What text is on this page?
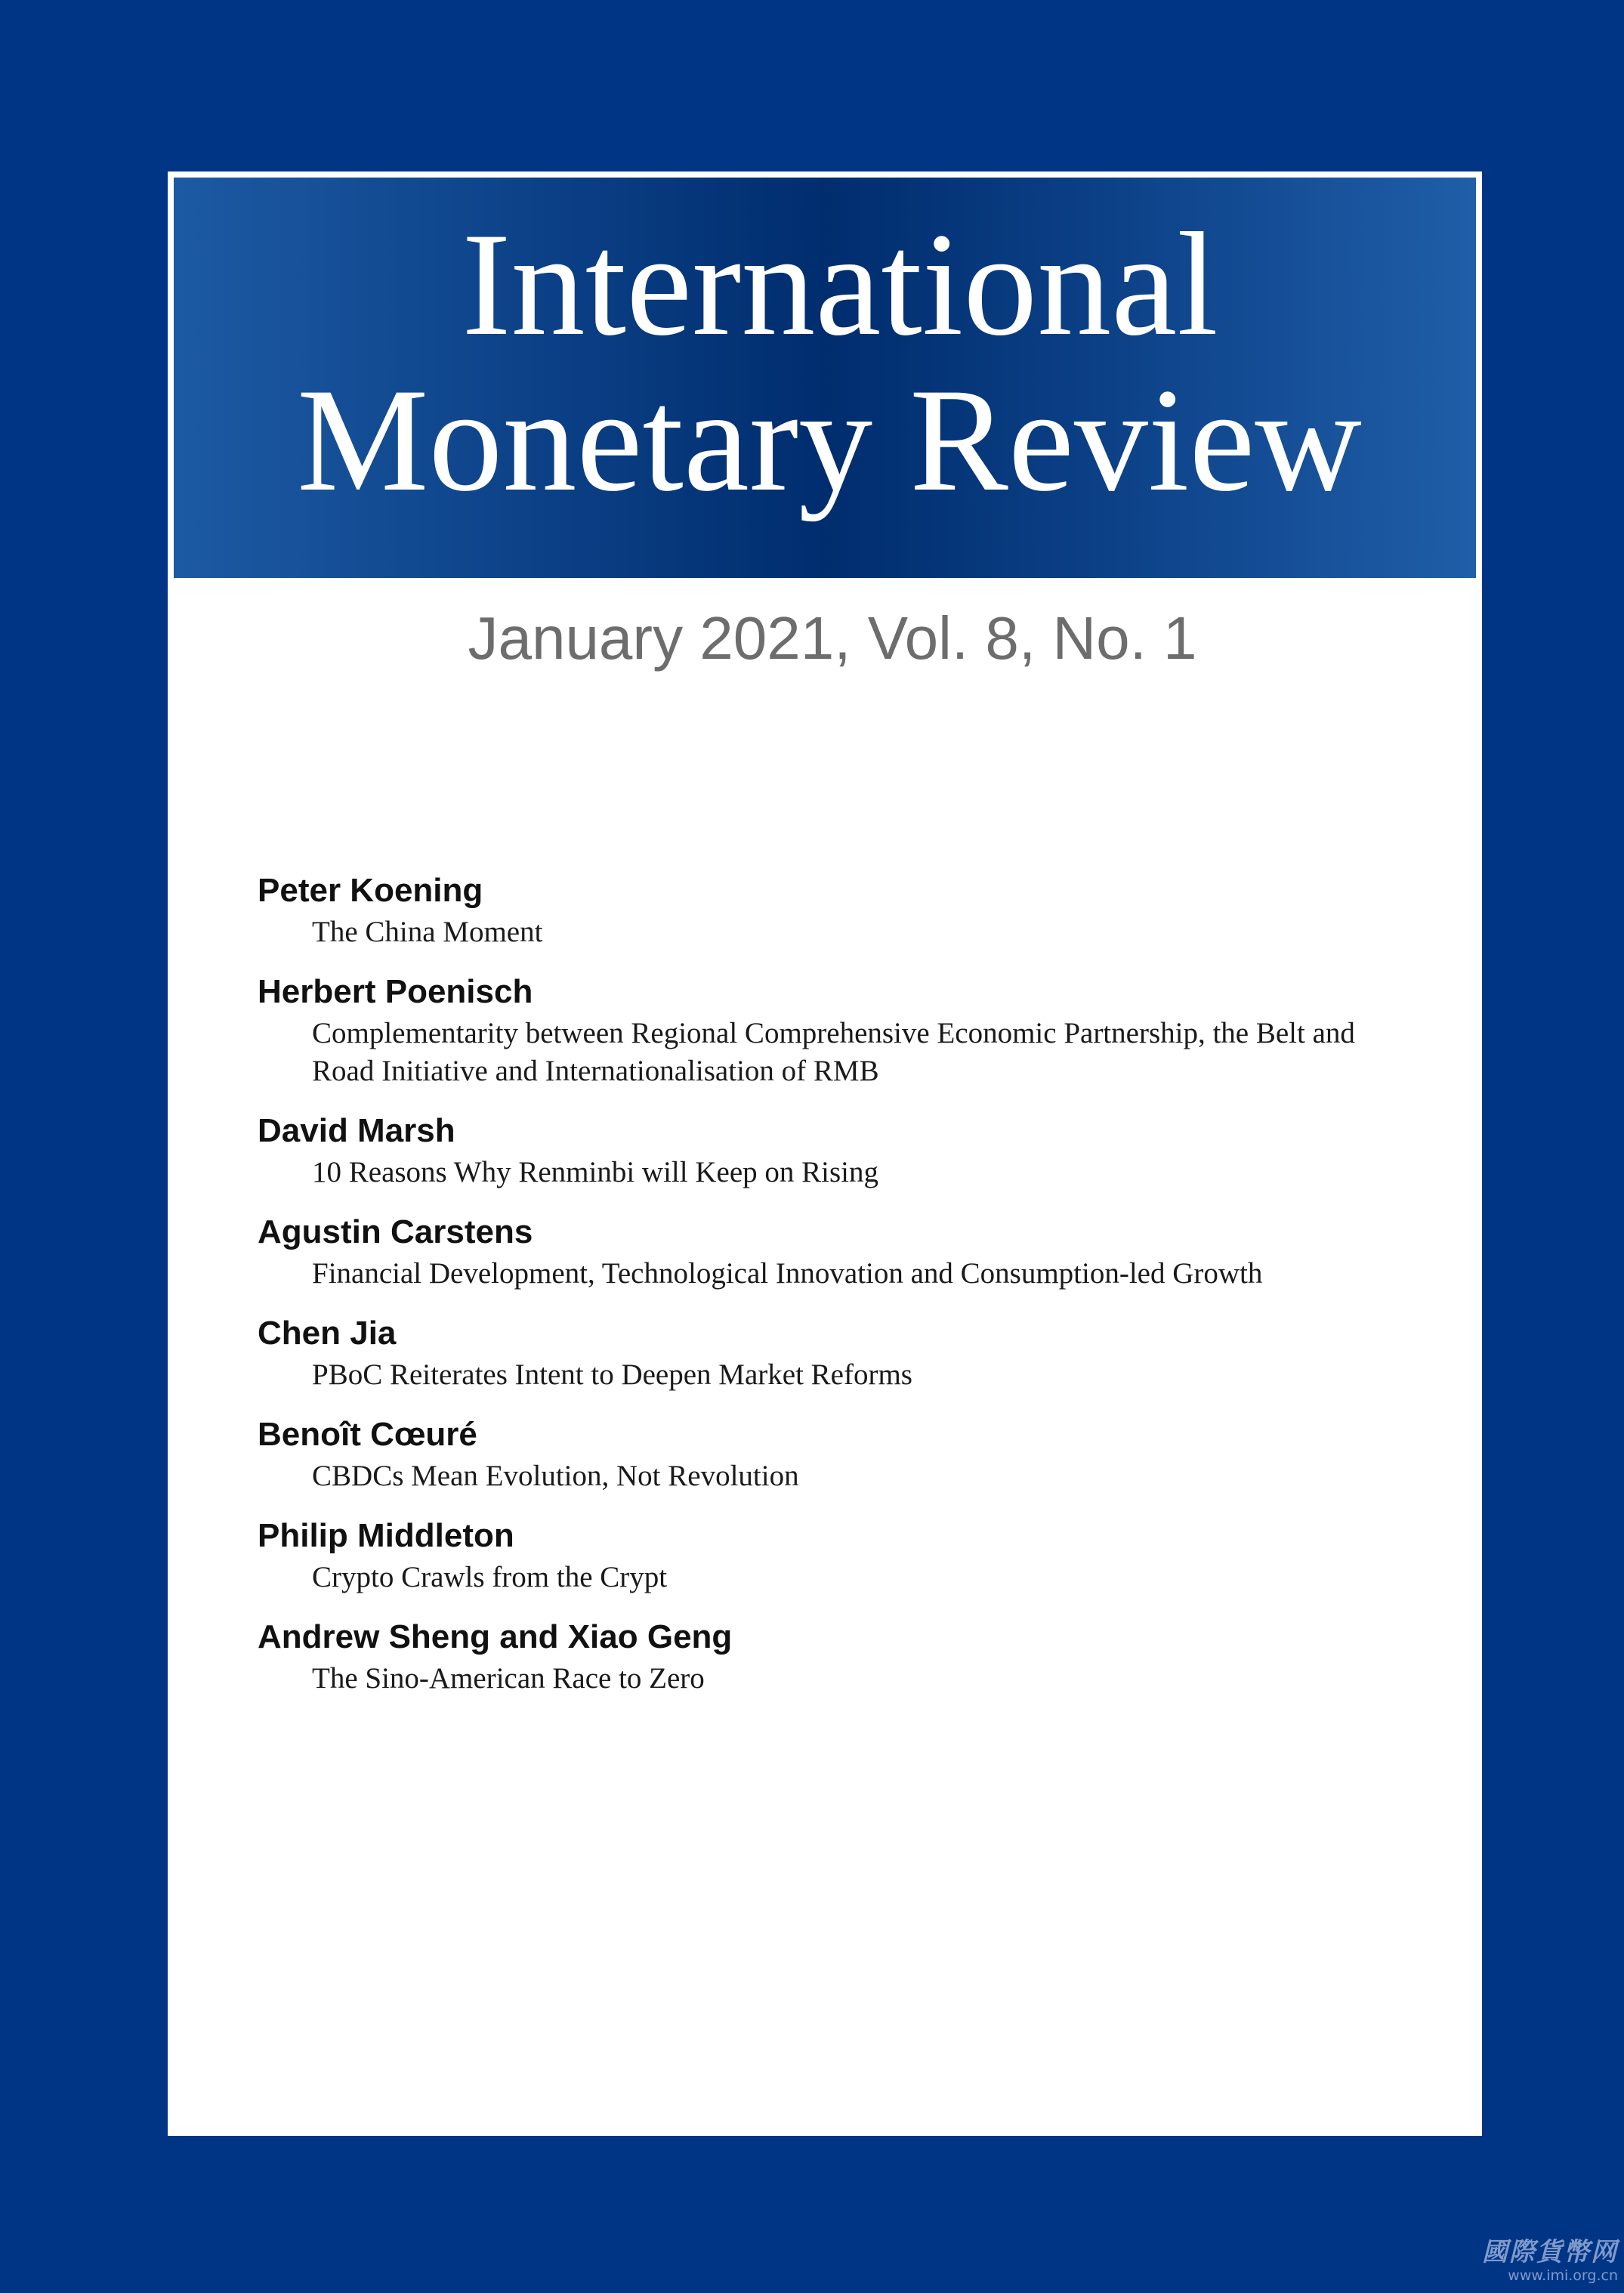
International
Monetary Review
January 2021, Vol. 8, No. 1
Peter Koening
The China Moment
Herbert Poenisch
Complementarity between Regional Comprehensive Economic Partnership, the Belt and Road Initiative and Internationalisation of RMB
David Marsh
10 Reasons Why Renminbi will Keep on Rising
Agustin Carstens
Financial Development, Technological Innovation and Consumption-led Growth
Chen Jia
PBoC Reiterates Intent to Deepen Market Reforms
Benoît Cœuré
CBDCs Mean Evolution, Not Revolution
Philip Middleton
Crypto Crawls from the Crypt
Andrew Sheng and Xiao Geng
The Sino-American Race to Zero
國際貨幣网
www.imi.org.cn
